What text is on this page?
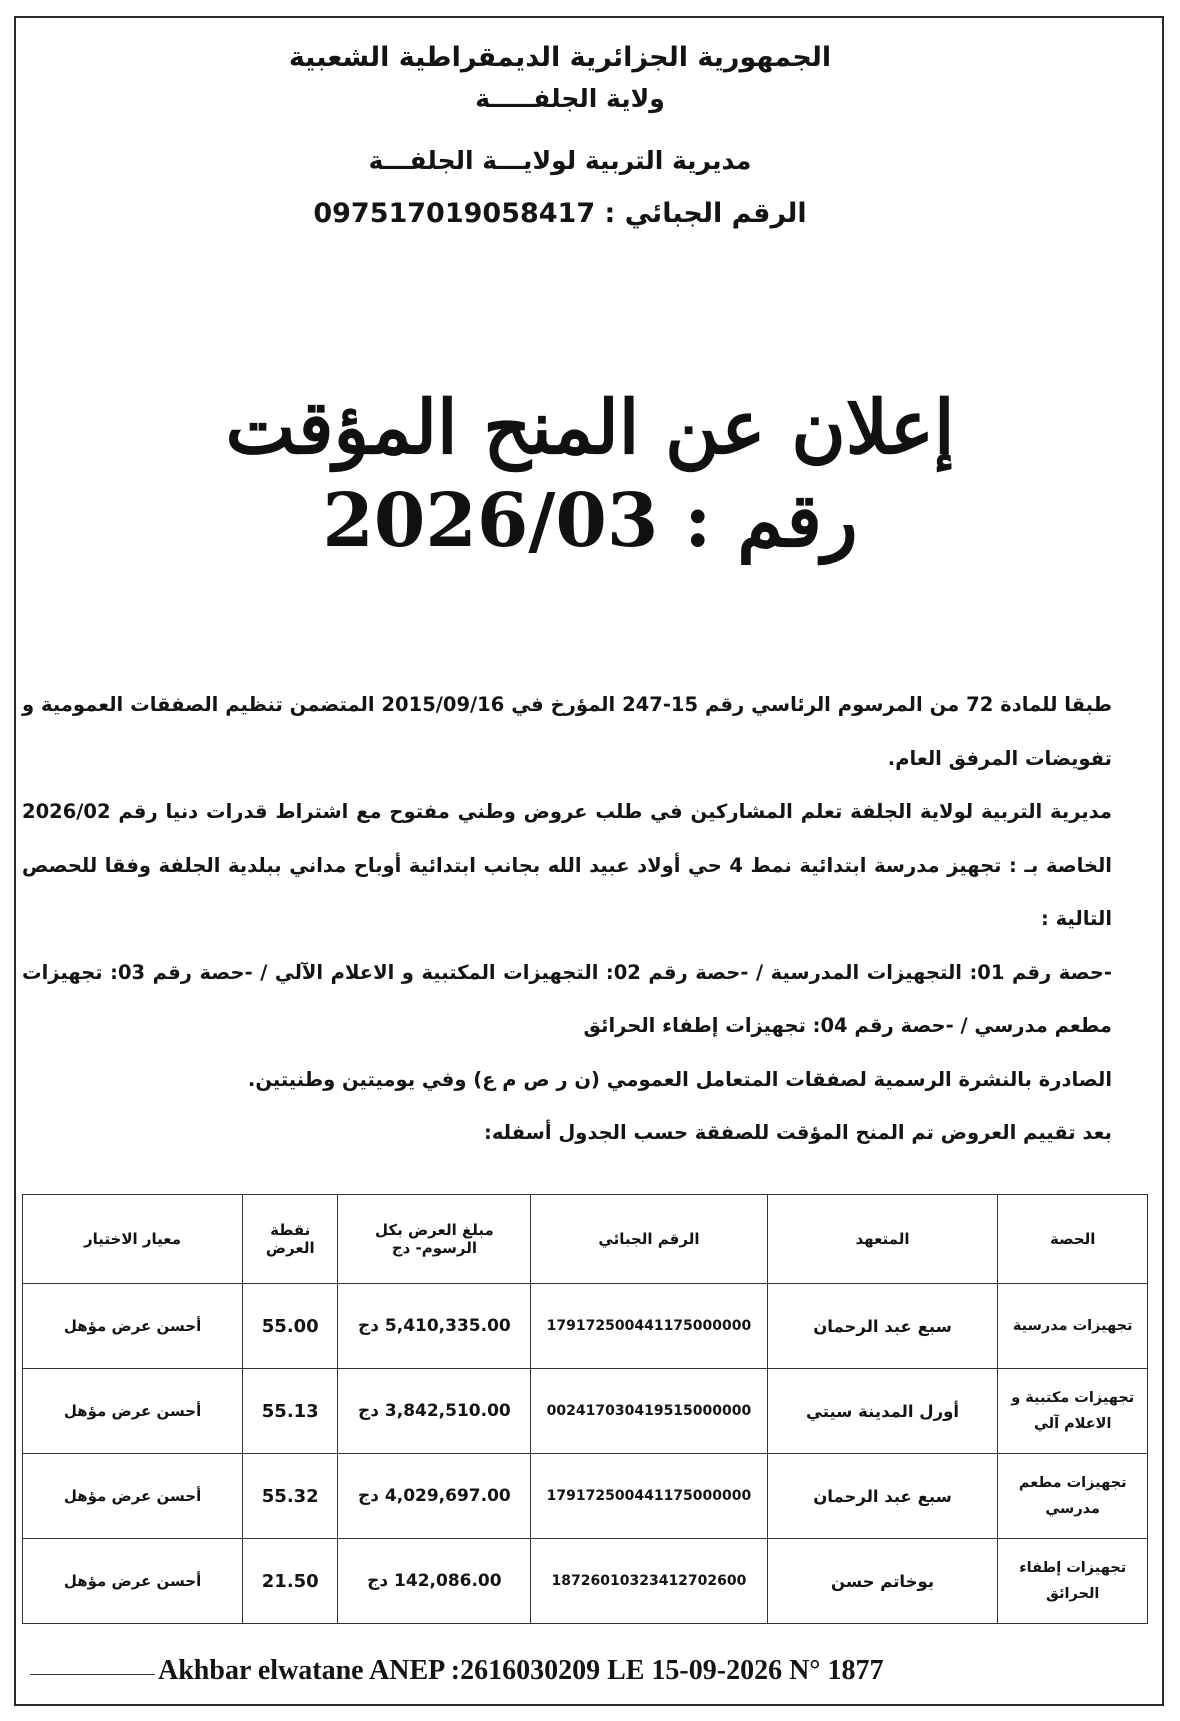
الجمهورية الجزائرية الديمقراطية الشعبية
ولاية الجلفـــــة
مديرية التربية لولايـــة الجلفـــة
الرقم الجبائي : 097517019058417
إعلان عن المنح المؤقت
رقم : 2026/03

طبقا للمادة 72 من المرسوم الرئاسي رقم 15-247 المؤرخ في 2015/09/16 المتضمن تنظيم الصفقات العمومية و تفويضات المرفق العام.

مديرية التربية لولاية الجلفة تعلم المشاركين في طلب عروض وطني مفتوح مع اشتراط قدرات دنيا رقم 2026/02 الخاصة بـ : تجهيز مدرسة ابتدائية نمط 4 حي أولاد عبيد الله بجانب ابتدائية أوباح مداني ببلدية الجلفة وفقا للحصص التالية :

-حصة رقم 01: التجهيزات المدرسية / -حصة رقم 02: التجهيزات المكتبية و الاعلام الآلي / -حصة رقم 03: تجهيزات مطعم مدرسي / -حصة رقم 04: تجهيزات إطفاء الحرائق

الصادرة بالنشرة الرسمية لصفقات المتعامل العمومي (ن ر ص م ع) وفي يوميتين وطنيتين.

بعد تقييم العروض تم المنح المؤقت للصفقة حسب الجدول أسفله:

الحصة	المتعهد	الرقم الجبائي	مبلغ العرض بكل الرسوم- دج	نقطة العرض	معيار الاختيار
تجهيزات مدرسية	سبع عبد الرحمان	179172500441175000000	5,410,335.00 دج	55.00	أحسن عرض مؤهل
تجهيزات مكتبية و الاعلام آلي	أورل المدينة سيتي	002417030419515000000	3,842,510.00 دج	55.13	أحسن عرض مؤهل
تجهيزات مطعم مدرسي	سبع عبد الرحمان	179172500441175000000	4,029,697.00 دج	55.32	أحسن عرض مؤهل
تجهيزات إطفاء الحرائق	بوخاتم حسن	18726010323412702600	142,086.00 دج	21.50	أحسن عرض مؤهل
Akhbar elwatane ANEP :2616030209 LE 15-09-2026 N° 1877
